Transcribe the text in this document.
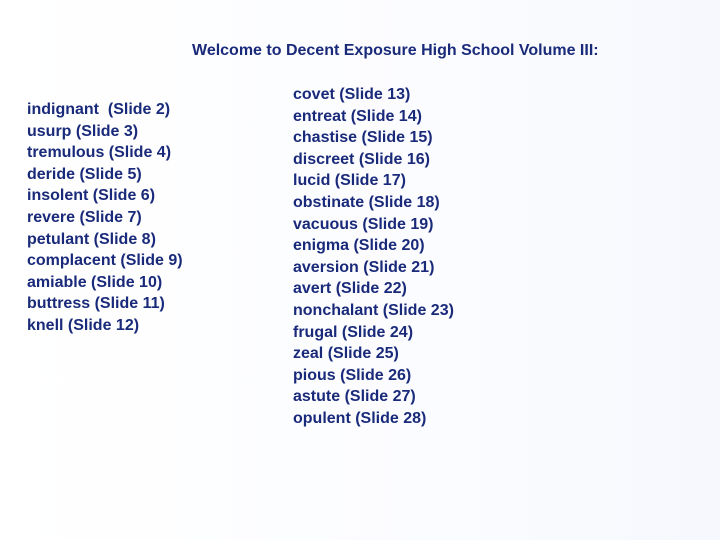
Welcome to Decent Exposure High School Volume III:
indignant  (Slide 2)
usurp (Slide 3)
tremulous (Slide 4)
deride (Slide 5)
insolent (Slide 6)
revere (Slide 7)
petulant (Slide 8)
complacent (Slide 9)
amiable (Slide 10)
buttress (Slide 11)
knell (Slide 12)
covet (Slide 13)
entreat (Slide 14)
chastise (Slide 15)
discreet (Slide 16)
lucid (Slide 17)
obstinate (Slide 18)
vacuous (Slide 19)
enigma (Slide 20)
aversion (Slide 21)
avert (Slide 22)
nonchalant (Slide 23)
frugal (Slide 24)
zeal (Slide 25)
pious (Slide 26)
astute (Slide 27)
opulent (Slide 28)
